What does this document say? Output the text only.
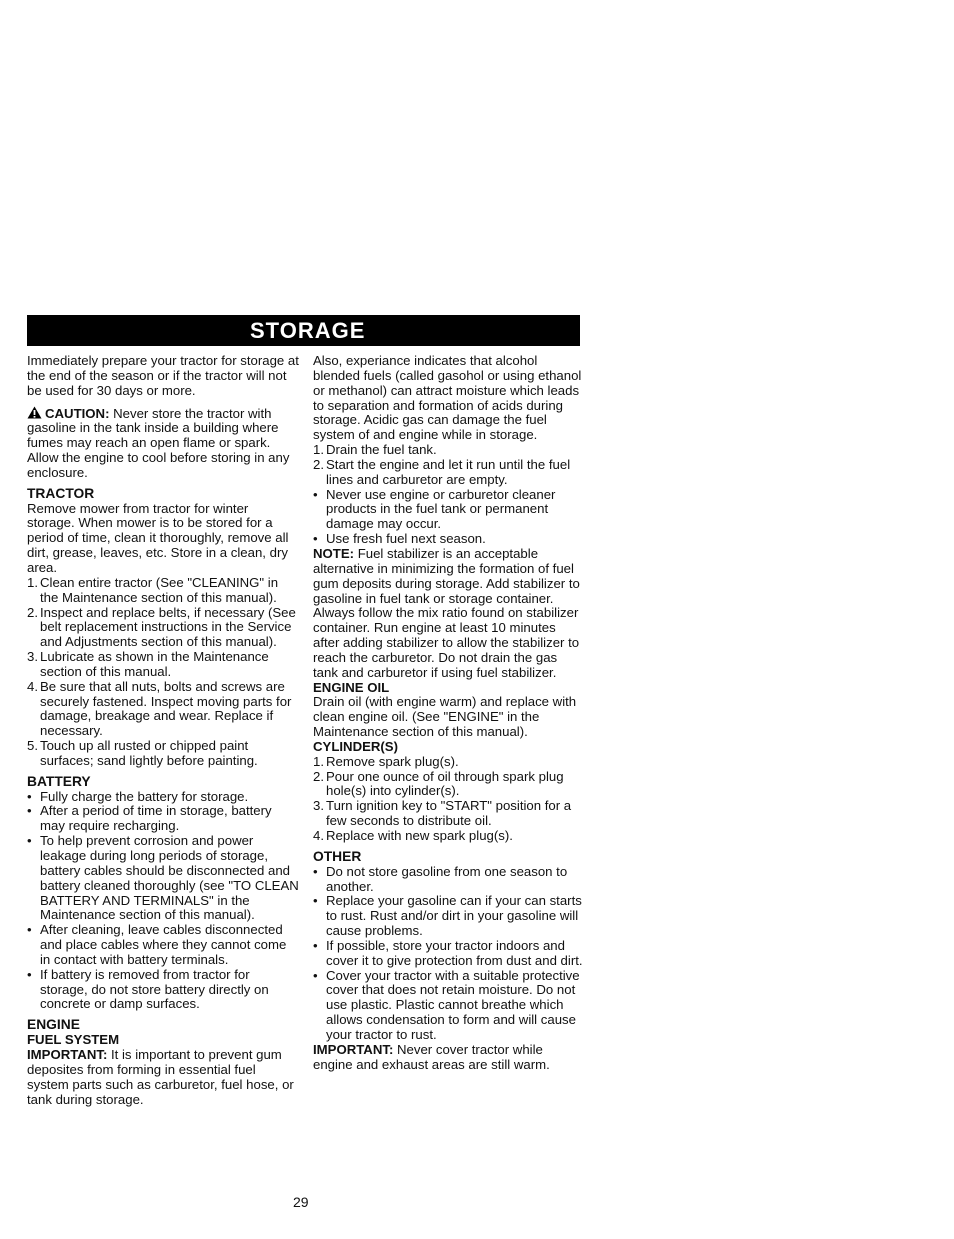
STORAGE

Immediately prepare your tractor for storage at the end of the season or if the tractor will not be used for 30 days or more.

CAUTION: Never store the tractor with gasoline in the tank inside a building where fumes may reach an open flame or spark. Allow the engine to cool before storing in any enclosure.

TRACTOR

Remove mower from tractor for winter storage. When mower is to be stored for a period of time, clean it thoroughly, remove all dirt, grease, leaves, etc. Store in a clean, dry area.

1. Clean entire tractor (See "CLEANING" in the Maintenance section of this manual).
2. Inspect and replace belts, if necessary (See belt replacement instructions in the Service and Adjustments section of this manual).
3. Lubricate as shown in the Maintenance section of this manual.
4. Be sure that all nuts, bolts and screws are securely fastened. Inspect moving parts for damage, breakage and wear. Replace if necessary.
5. Touch up all rusted or chipped paint surfaces; sand lightly before painting.

BATTERY

• Fully charge the battery for storage.
• After a period of time in storage, battery may require recharging.
• To help prevent corrosion and power leakage during long periods of storage, battery cables should be disconnected and battery cleaned thoroughly (see "TO CLEAN BATTERY AND TERMINALS" in the Maintenance section of this manual).
• After cleaning, leave cables disconnected and place cables where they cannot come in contact with battery terminals.
• If battery is removed from tractor for storage, do not store battery directly on concrete or damp surfaces.

ENGINE

FUEL SYSTEM

IMPORTANT: It is important to prevent gum deposites from forming in essential fuel system parts such as carburetor, fuel hose, or tank during storage.

Also, experiance indicates that alcohol blended fuels (called gasohol or using ethanol or methanol) can attract moisture which leads to separation and formation of acids during storage. Acidic gas can damage the fuel system of and engine while in storage.

1. Drain the fuel tank.
2. Start the engine and let it run until the fuel lines and carburetor are empty.
• Never use engine or carburetor cleaner products in the fuel tank or permanent damage may occur.
• Use fresh fuel next season.

NOTE: Fuel stabilizer is an acceptable alternative in minimizing the formation of fuel gum deposits during storage. Add stabilizer to gasoline in fuel tank or storage container. Always follow the mix ratio found on stabilizer container. Run engine at least 10 minutes after adding stabilizer to allow the stabilizer to reach the carburetor. Do not drain the gas tank and carburetor if using fuel stabilizer.

ENGINE OIL

Drain oil (with engine warm) and replace with clean engine oil. (See "ENGINE" in the Maintenance section of this manual).

CYLINDER(S)

1. Remove spark plug(s).
2. Pour one ounce of oil through spark plug hole(s) into cylinder(s).
3. Turn ignition key to "START" position for a few seconds to distribute oil.
4. Replace with new spark plug(s).

OTHER

• Do not store gasoline from one season to another.
• Replace your gasoline can if your can starts to rust. Rust and/or dirt in your gasoline will cause problems.
• If possible, store your tractor indoors and cover it to give protection from dust and dirt.
• Cover your tractor with a suitable protective cover that does not retain moisture. Do not use plastic. Plastic cannot breathe which allows condensation to form and will cause your tractor to rust.

IMPORTANT: Never cover tractor while engine and exhaust areas are still warm.

29
